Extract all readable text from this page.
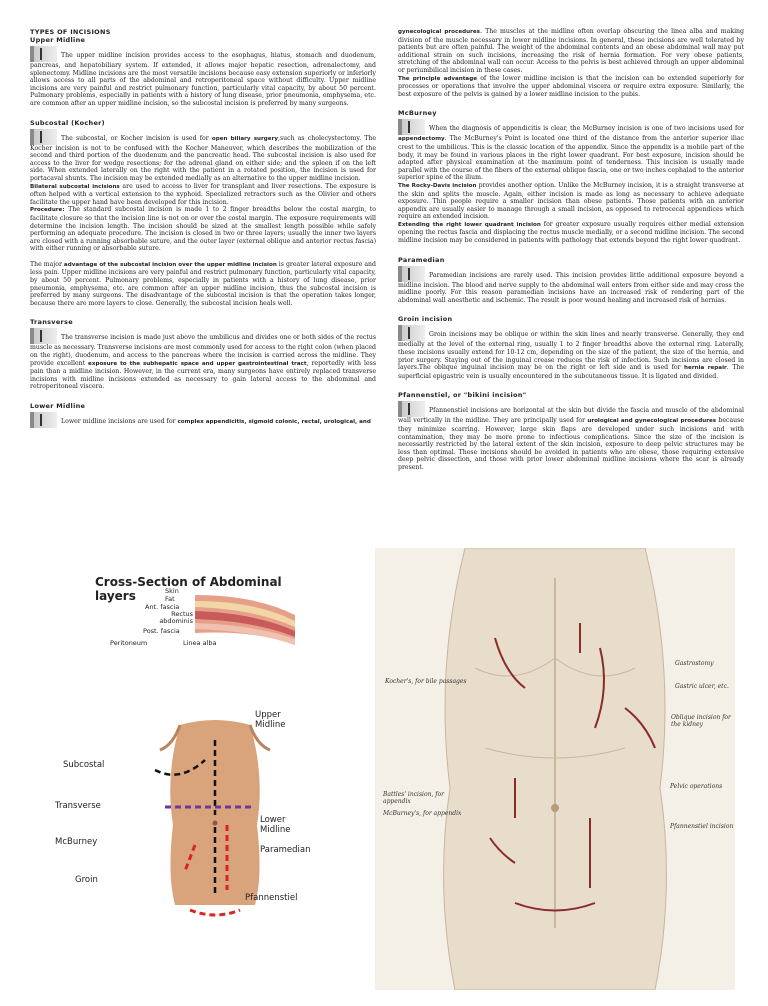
TYPES OF INCISIONS
Upper Midline

The upper midline incision provides access to the esophagus, hiatus, stomach and duodenum, pancreas, and hepatobiliary system. If extended, it allows major hepatic resection, adrenalectomy, and splenectomy. Midline incisions are the most versatile incisions because easy extension superiorly or inferiorly allows access to all parts of the abdominal and retroperitoneal space without difficulty. Upper midline incisions are very painful and restrict pulmonary function, particularly vital capacity, by about 50 percent. Pulmonary problems, especially in patients with a history of lung disease, prior pneumonia, emphysema, etc. are common after an upper midline incision, so the subcostal incision is preferred by many surgeons.

Subcostal (Kocher)

The subcostal, or Kocher incision is used for open biliary surgery,such as cholecystectomy. The Kocher incision is not to be confused with the Kocher Maneuver, which describes the mobilization of the second and third portion of the duodenum and the pancreatic head. The subcostal incision is also used for access to the liver for wedge resections; for the adrenal gland on either side; and the spleen if on the left side. When extended laterally on the right with the patient in a rotated position, the incision is used for portacaval shunts. The incision may be extended medially as an alternative to the upper midline incision.
Bilateral subcostal incisions are used to access to liver for transplant and liver resections. The exposure is often helped with a vertical extension to the xyphoid. Specialized retractors such as the Olivier and others facilitate the upper hand have been developed for this incision.
Procedure: The standard subcostal incision is made 1 to 2 finger breadths below the costal margin, to facilitate closure so that the incision line is not on or over the costal margin. The exposure requirements will determine the incision length. The incision should be sized at the smallest length possible while safely performing an adequate procedure. The incision is closed in two or three layers; usually the inner two layers are closed with a running absorbable suture, and the outer layer (external oblique and anterior rectus fascia) with either running or absorbable suture.

The major advantage of the subcostal incision over the upper midline incision is greater lateral exposure and less pain. Upper midline incisions are very painful and restrict pulmonary function, particularly vital capacity, by about 50 percent. Pulmonary problems, especially in patients with a history of lung disease, prior pneumonia, emphysema, etc. are common after an upper midline incision, thus the subcostal incision is preferred by many surgeons. The disadvantage of the subcostal incision is that the operation takes longer, because there are more layers to close. Generally, the subcostal incision heals well.

Transverse

The transverse incision is made just above the umbilicus and divides one or both sides of the rectus muscle as necessary. Transverse incisions are most commonly used for access to the right colon (when placed on the right), duodenum, and access to the pancreas where the incision is carried across the midline. They provide excellent exposure to the subhepatic space and upper gastrointestinal tract, reportedly with less pain than a midline incision. However, in the current era, many surgeons have entirely replaced transverse incisions with midline incisions extended as necessary to gain lateral access to the abdominal and retroperitoneal viscera.

Lower Midline

Lower midline incisions are used for complex appendicitis, sigmoid colonic, rectal, urological, and

gynecological procedures. The muscles at the midline often overlap obscuring the linea alba and making division of the muscle necessary in lower midline incisions. In general, these incisions are well tolerated by patients but are often painful. The weight of the abdominal contents and an obese abdominal wall may put additional strain on such incisions, increasing the risk of hernia formation. For very obese patients, stretching of the abdominal wall can occur. Access to the pelvis is best achieved through an upper abdominal or periumbilical incision in these cases.
The principle advantage of the lower midline incision is that the incision can be extended superiorly for processes or operations that involve the upper abdominal viscera or require extra exposure. Similarly, the best exposure of the pelvis is gained by a lower midline incision to the pubis.

McBurney

When the diagnosis of appendicitis is clear, the McBurney incision is one of two incisions used for appendectomy. The McBurney's Point is located one third of the distance from the anterior superior iliac crest to the umbilicus. This is the classic location of the appendix. Since the appendix is a mobile part of the body, it may be found in various places in the right lower quadrant. For best exposure, incision should be adapted after physical examination at the maximum point of tenderness. This incision is usually made parallel with the course of the fibers of the external oblique fascia, one or two inches cephalad to the anterior superior spine of the ilium.
The Rocky-Davis incision provides another option. Unlike the McBurney incision, it is a straight transverse at the skin and splits the muscle. Again, either incision is made as long as necessary to achieve adequate exposure. Thin people require a smaller incision than obese patients. Those patients with an anterior appendix are usually easier to manage through a small incision, as opposed to retrocecal appendices which require an extended incision.
Extending the right lower quadrant incision for greater exposure usually requires either medial extension opening the rectus fascia and displacing the rectus muscle medially, or a second midline incision. The second midline incision may be considered in patients with pathology that extends beyond the right lower quadrant.

Paramedian

Paramedian incisions are rarely used. This incision provides little additional exposure beyond a midline incision. The blood and nerve supply to the abdominal wall enters from either side and may cross the midline poorly. For this reason paramedian incisions have an increased risk of rendering part of the abdominal wall anesthetic and ischemic. The result is poor wound healing and increased risk of hernias.

Groin incision

Groin incisions may be oblique or within the skin lines and nearly transverse. Generally, they end medially at the level of the external ring, usually 1 to 2 finger breadths above the external ring. Laterally, these incisions usually extend for 10-12 cm, depending on the size of the patient, the size of the hernia, and prior surgery. Staying out of the inguinal crease reduces the risk of infection. Such incisions are closed in layers.The oblique inguinal incision may be on the right or left side and is used for hernia repair. The superficial epigastric vein is usually encountered in the subcutaneous tissue. It is ligated and divided.

Pfannenstiel, or "bikini incision"

Pfannenstiel incisions are horizontal at the skin but divide the fascia and muscle of the abdominal wall vertically in the midline. They are principally used for urological and gynecological procedures because they minimize scarring. However, large skin flaps are developed under such incisions and with contamination, they may be more prone to infectious complications. Since the size of the incision is necessarily restricted by the lateral extent of the skin incision, exposure to deep pelvic structures may be less than optimal. These incisions should be avoided in patients who are obese, those requiring extensive deep pelvic dissection, and those with prior lower abdominal midline incisions where the scar is already present.

Cross-Section of Abdominal layers	Skin
Fat
Ant. fascia
Rectus abdominis
Post. fascia
Peritoneum	Linea alba
Upper
Midline
Subcostal
Transverse
Lower
Midline
McBurney
Paramedian
Groin
Pfannenstiel
Kocher's, for bile passages
Gastrostomy
Gastric ulcer, etc.
Oblique incision for the kidney
Battles' incision, for appendix
McBurney's, for appendix
Pelvic operations
Pfannenstiel incision
